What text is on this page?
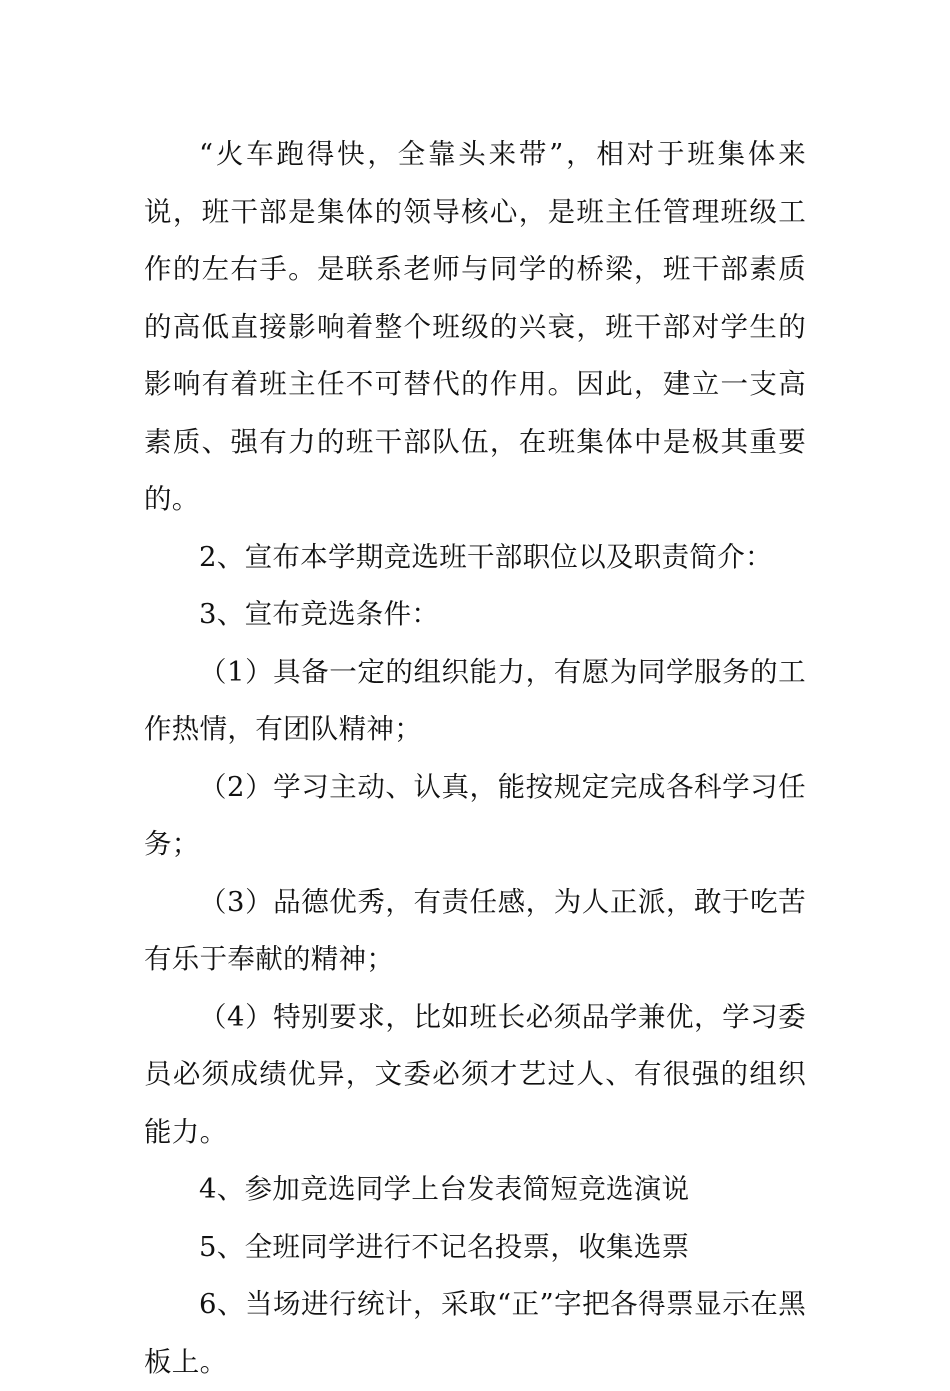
“火车跑得快，全靠头来带”，相对于班集体来说，班干部是集体的领导核心，是班主任管理班级工作的左右手。是联系老师与同学的桥梁，班干部素质的高低直接影响着整个班级的兴衰，班干部对学生的影响有着班主任不可替代的作用。因此，建立一支高素质、强有力的班干部队伍，在班集体中是极其重要的。

2、宣布本学期竞选班干部职位以及职责简介：

3、宣布竞选条件：

（1）具备一定的组织能力，有愿为同学服务的工作热情，有团队精神；

（2）学习主动、认真，能按规定完成各科学习任务；

（3）品德优秀，有责任感，为人正派，敢于吃苦有乐于奉献的精神；

（4）特别要求，比如班长必须品学兼优，学习委员必须成绩优异，文委必须才艺过人、有很强的组织能力。

4、参加竞选同学上台发表简短竞选演说

5、全班同学进行不记名投票，收集选票

6、当场进行统计，采取“正”字把各得票显示在黑板上。
